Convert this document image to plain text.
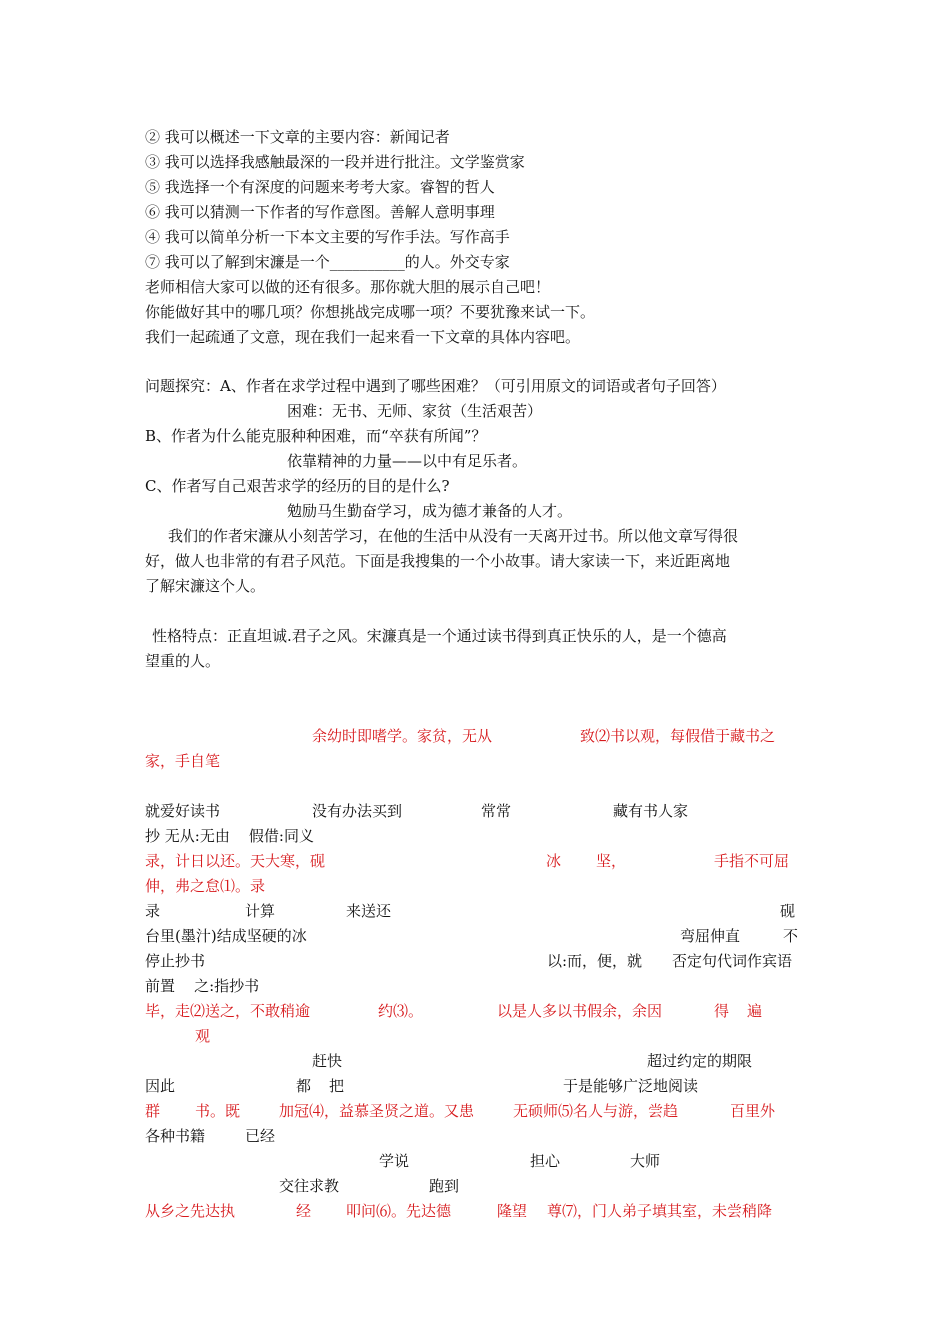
② 我可以概述一下文章的主要内容：新闻记者
③ 我可以选择我感触最深的一段并进行批注。文学鉴赏家
⑤ 我选择一个有深度的问题来考考大家。睿智的哲人
⑥ 我可以猜测一下作者的写作意图。善解人意明事理
④ 我可以简单分析一下本文主要的写作手法。写作高手
⑦ 我可以了解到宋濂是一个__________的人。外交专家
老师相信大家可以做的还有很多。那你就大胆的展示自己吧！
你能做好其中的哪几项？你想挑战完成哪一项？不要犹豫来试一下。
我们一起疏通了文意，现在我们一起来看一下文章的具体内容吧。
问题探究：A、作者在求学过程中遇到了哪些困难？（可引用原文的词语或者句子回答）
困难：无书、无师、家贫（生活艰苦）
B、作者为什么能克服种种困难，而“卒获有所闻”？
依靠精神的力量——以中有足乐者。
C、作者写自己艰苦求学的经历的目的是什么?
勉励马生勤奋学习，成为德才兼备的人才。
我们的作者宋濂从小刻苦学习，在他的生活中从没有一天离开过书。所以他文章写得很
好，做人也非常的有君子风范。下面是我搜集的一个小故事。请大家读一下，来近距离地
了解宋濂这个人。
性格特点：正直坦诚.君子之风。宋濂真是一个通过读书得到真正快乐的人，是一个德高
望重的人。
余幼时即嗜学。家贫，无从	致⑵书以观，每假借于藏书之
家，手自笔
就爱好读书	没有办法买到	常常	藏有书人家
抄 无从:无由    假借:同义
录，计日以还。天大寒，砚	冰 坚，	手指不可屈
伸，弗之怠⑴。录
录	计算	来送还	砚
台里(墨汁)结成坚硬的冰	弯屈伸直	不
停止抄书	以:而，便，就 否定句代词作宾语
前置    之:指抄书
毕，走⑵送之，不敢稍逾	约⑶。	以是人多以书假余，余因	得 遍
观
赶快	超过约定的期限
因此	都 把	于是能够广泛地阅读
群 书。既	加冠⑷，益慕圣贤之道。又患	无硕师⑸名人与游，尝趋	百里外
各种书籍	已经
学说	担心	大师
交往求教	跑到
从乡之先达执	经 叩问⑹。先达德	隆望 尊⑺，门人弟子填其室，未尝稍降
